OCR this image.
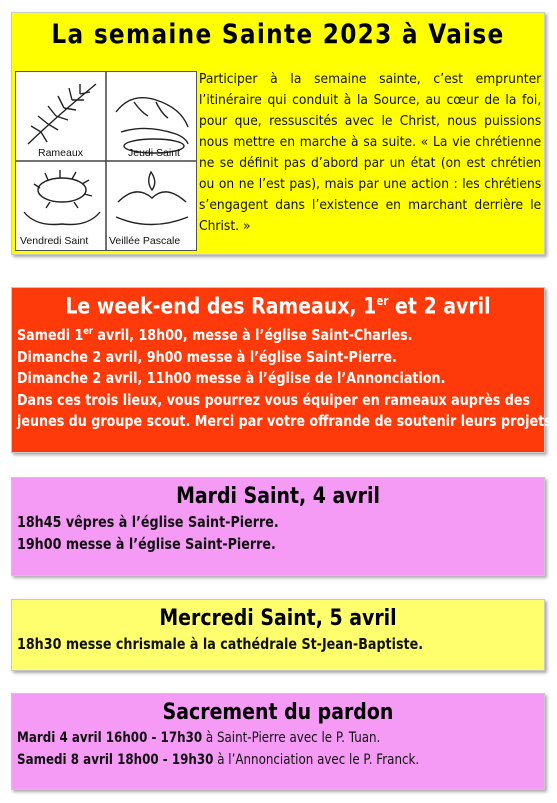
La semaine Sainte 2023 à Vaise
Rameaux	Jeudi Saint
Vendredi Saint Veillée Pascale
Participer à la semaine sainte, c’est emprunter l’itinéraire qui conduit à la Source, au cœur de la foi, pour que, ressuscités avec le Christ, nous puissions nous mettre en marche à sa suite. « La vie chrétienne ne se définit pas d’abord par un état (on est chrétien ou on ne l’est pas), mais par une action : les chrétiens s’engagent dans l’existence en marchant derrière le Christ. »
Le week-end des Rameaux, 1er et 2 avril
Samedi 1er avril, 18h00, messe à l’église Saint-Charles.
Dimanche 2 avril, 9h00 messe à l’église Saint-Pierre.
Dimanche 2 avril, 11h00 messe à l’église de l’Annonciation.
Dans ces trois lieux, vous pourrez vous équiper en rameaux auprès des
jeunes du groupe scout. Merci par votre offrande de soutenir leurs projets.
Mardi Saint, 4 avril
18h45 vêpres à l’église Saint-Pierre.
19h00 messe à l’église Saint-Pierre.
Mercredi Saint, 5 avril
18h30 messe chrismale à la cathédrale St-Jean-Baptiste.
Sacrement du pardon
Mardi 4 avril 16h00 - 17h30 à Saint-Pierre avec le P. Tuan.
Samedi 8 avril 18h00 - 19h30 à l’Annonciation avec le P. Franck.
